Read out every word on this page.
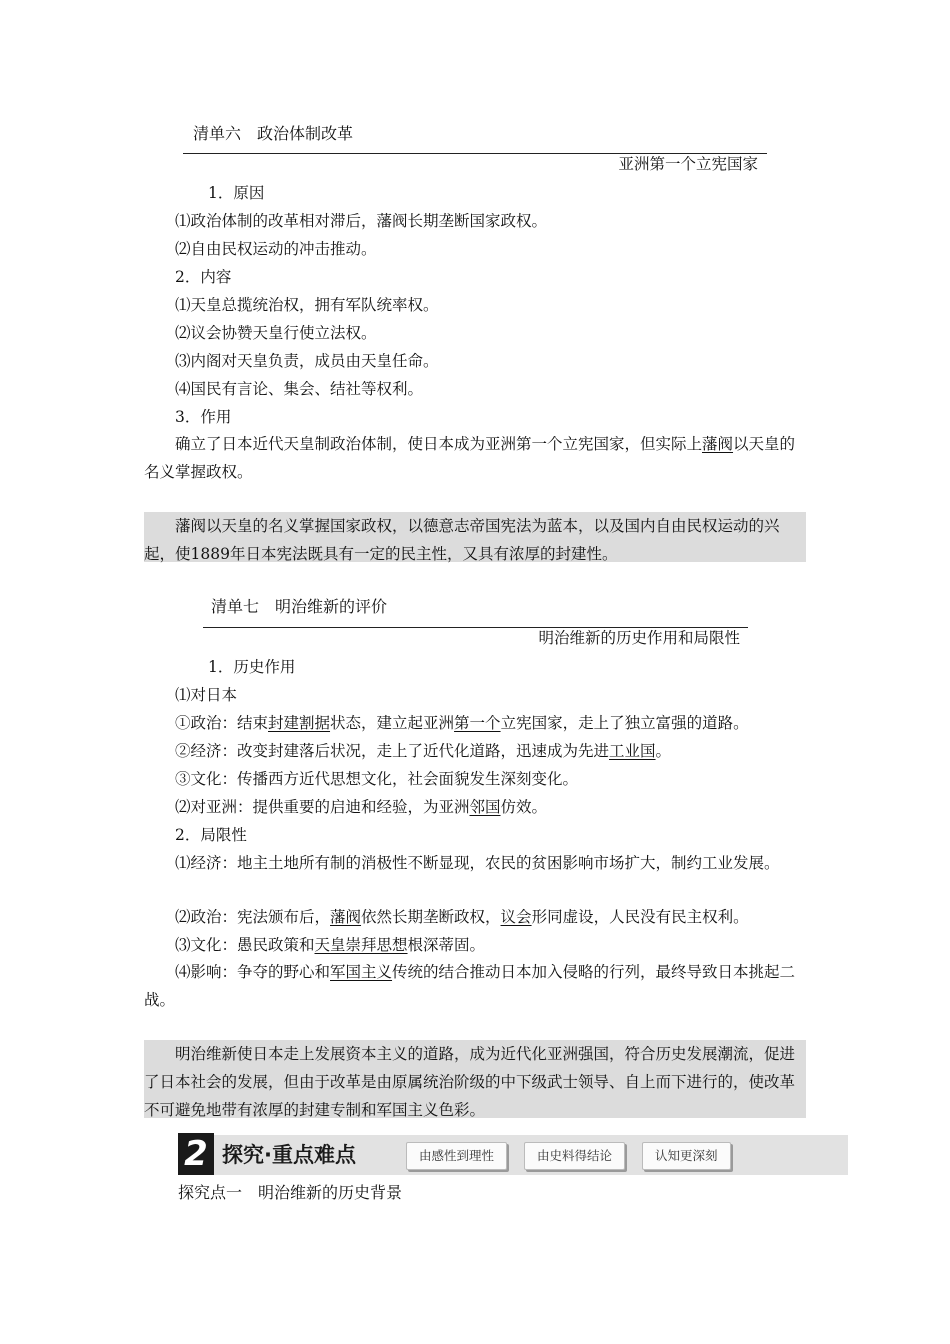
清单六　政治体制改革
亚洲第一个立宪国家
1．原因
⑴政治体制的改革相对滞后，藩阀长期垄断国家政权。
⑵自由民权运动的冲击推动。
2．内容
⑴天皇总揽统治权，拥有军队统率权。
⑵议会协赞天皇行使立法权。
⑶内阁对天皇负责，成员由天皇任命。
⑷国民有言论、集会、结社等权利。
3．作用
确立了日本近代天皇制政治体制，使日本成为亚洲第一个立宪国家，但实际上藩阀以天皇的名义掌握政权。

藩阀以天皇的名义掌握国家政权，以德意志帝国宪法为蓝本，以及国内自由民权运动的兴起，使1889年日本宪法既具有一定的民主性，又具有浓厚的封建性。

清单七　明治维新的评价
明治维新的历史作用和局限性
1．历史作用
⑴对日本
①政治：结束封建割据状态，建立起亚洲第一个立宪国家，走上了独立富强的道路。
②经济：改变封建落后状况，走上了近代化道路，迅速成为先进工业国。
③文化：传播西方近代思想文化，社会面貌发生深刻变化。
⑵对亚洲：提供重要的启迪和经验，为亚洲邻国仿效。
2．局限性
⑴经济：地主土地所有制的消极性不断显现，农民的贫困影响市场扩大，制约工业发展。
⑵政治：宪法颁布后，藩阀依然长期垄断政权，议会形同虚设，人民没有民主权利。
⑶文化：愚民政策和天皇崇拜思想根深蒂固。
⑷影响：争夺的野心和军国主义传统的结合推动日本加入侵略的行列，最终导致日本挑起二战。

明治维新使日本走上发展资本主义的道路，成为近代化亚洲强国，符合历史发展潮流，促进了日本社会的发展，但由于改革是由原属统治阶级的中下级武士领导、自上而下进行的，使改革不可避免地带有浓厚的封建专制和军国主义色彩。

2 探究·重点难点	由感性到理性	由史料得结论	认知更深刻
探究点一　明治维新的历史背景
